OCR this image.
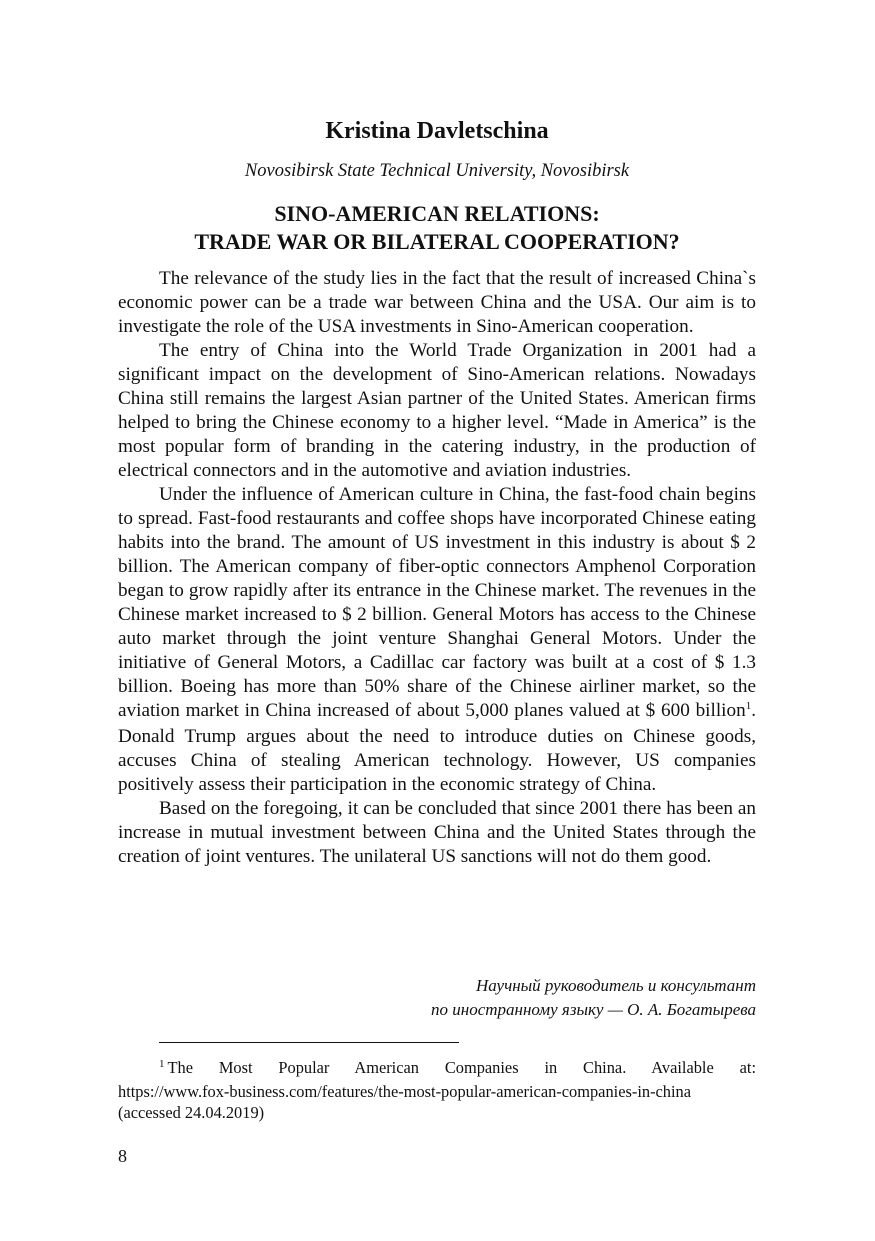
Kristina Davletschina
Novosibirsk State Technical University, Novosibirsk
SINO-AMERICAN RELATIONS:
TRADE WAR OR BILATERAL COOPERATION?

The relevance of the study lies in the fact that the result of increased China`s economic power can be a trade war between China and the USA. Our aim is to investigate the role of the USA investments in Sino-American cooperation.

The entry of China into the World Trade Organization in 2001 had a significant impact on the development of Sino-American relations. Nowadays China still remains the largest Asian partner of the United States. American firms helped to bring the Chinese economy to a higher level. “Made in America” is the most popular form of branding in the catering industry, in the production of electrical connectors and in the automotive and aviation industries.

Under the influence of American culture in China, the fast-food chain begins to spread. Fast-food restaurants and coffee shops have incorporated Chinese eating habits into the brand. The amount of US investment in this industry is about $ 2 billion. The American company of fiber-optic connectors Amphenol Corporation began to grow rapidly after its entrance in the Chinese market. The revenues in the Chinese market increased to $ 2 billion. General Motors has access to the Chinese auto market through the joint venture Shanghai General Motors. Under the initiative of General Motors, a Cadillac car factory was built at a cost of $ 1.3 billion. Boeing has more than 50% share of the Chinese airliner market, so the aviation market in China increased of about 5,000 planes valued at $ 600 billion$^1$. Donald Trump argues about the need to introduce duties on Chinese goods, accuses China of stealing American technology. However, US companies positively assess their participation in the economic strategy of China.

Based on the foregoing, it can be concluded that since 2001 there has been an increase in mutual investment between China and the United States through the creation of joint ventures. The unilateral US sanctions will not do them good.

Научный руководитель и консультант
по иностранному языку — О. А. Богатырева
$^1$ The Most Popular American Companies in China. Available at:
https://www.fox-business.com/features/the-most-popular-american-companies-in-china (accessed 24.04.2019)
8
